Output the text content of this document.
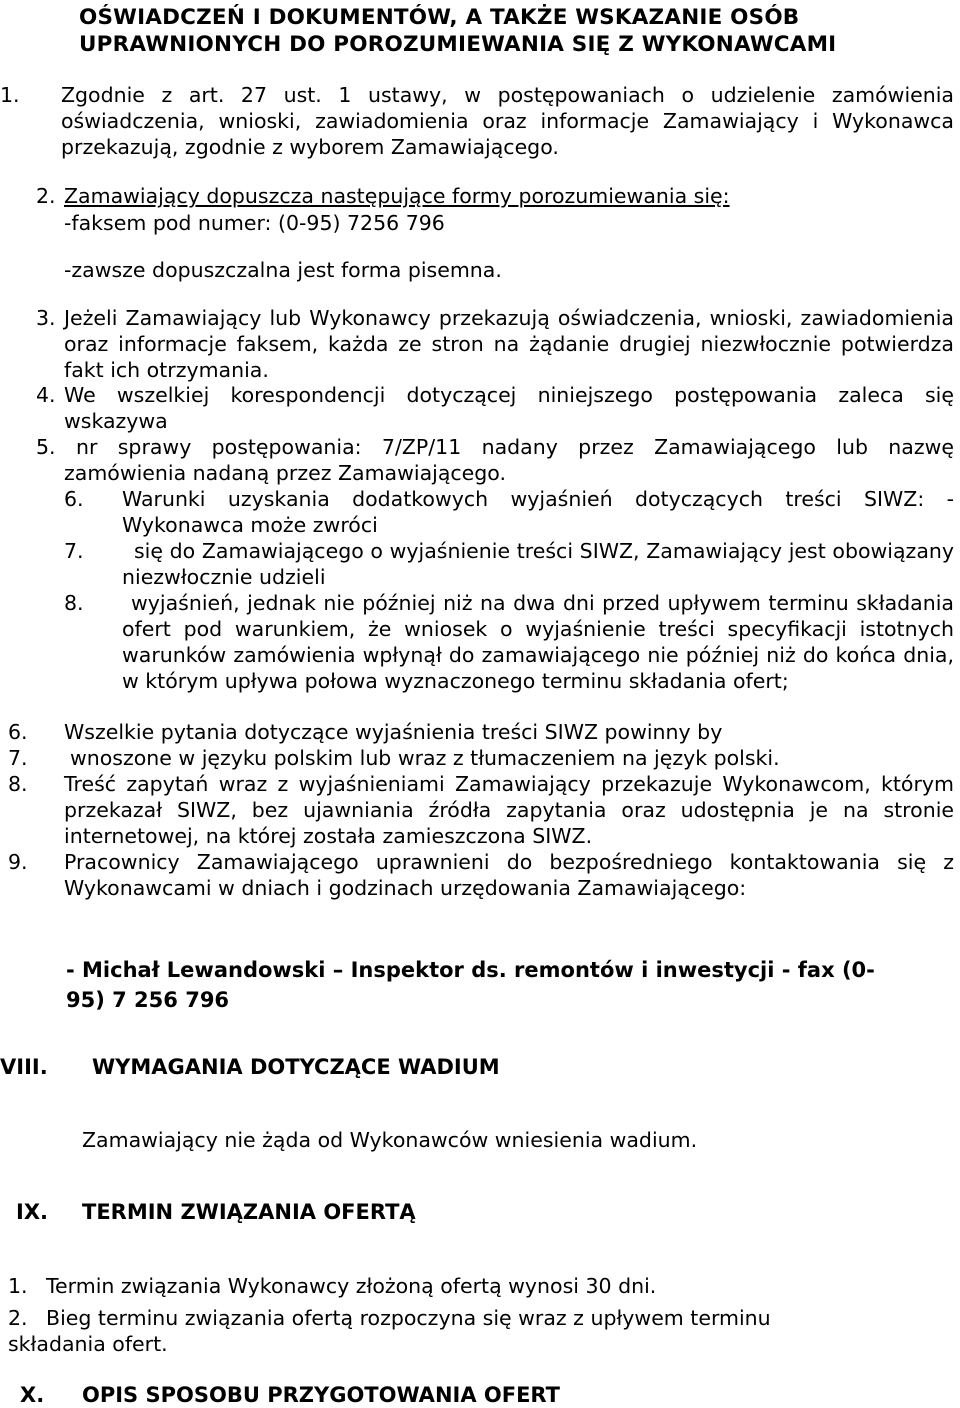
OŚWIADCZEŃ I DOKUMENTÓW, A TAKŻE WSKAZANIE OSÓB
UPRAWNIONYCH DO POROZUMIEWANIA SIĘ Z WYKONAWCAMI
1. Zgodnie z art. 27 ust. 1 ustawy, w postępowaniach o udzielenie zamówienia oświadczenia, wnioski, zawiadomienia oraz informacje Zamawiający i Wykonawca przekazują, zgodnie z wyborem Zamawiającego.
2. Zamawiający dopuszcza następujące formy porozumiewania się:
-faksem pod numer: (0-95) 7256 796
-zawsze dopuszczalna jest forma pisemna.
3. Jeżeli Zamawiający lub Wykonawcy przekazują oświadczenia, wnioski, zawiadomienia oraz informacje faksem, każda ze stron na żądanie drugiej niezwłocznie potwierdza fakt ich otrzymania.
4. We wszelkiej korespondencji dotyczącej niniejszego postępowania zaleca się wskazywa
5. nr sprawy postępowania: 7/ZP/11 nadany przez Zamawiającego lub nazwę zamówienia nadaną przez Zamawiającego.
6. Warunki uzyskania dodatkowych wyjaśnień dotyczących treści SIWZ: -Wykonawca może zwróci
7.	się do Zamawiającego o wyjaśnienie treści SIWZ, Zamawiający jest obowiązany niezwłocznie udzieli
8.	wyjaśnień, jednak nie później niż na dwa dni przed upływem terminu składania ofert pod warunkiem, że wniosek o wyjaśnienie treści specyfikacji istotnych warunków zamówienia wpłynął do zamawiającego nie później niż do końca dnia, w którym upływa połowa wyznaczonego terminu składania ofert;
6. Wszelkie pytania dotyczące wyjaśnienia treści SIWZ powinny by
7. wnoszone w języku polskim lub wraz z tłumaczeniem na język polski.
8. Treść zapytań wraz z wyjaśnieniami Zamawiający przekazuje Wykonawcom, którym przekazał SIWZ, bez ujawniania źródła zapytania oraz udostępnia je na stronie internetowej, na której została zamieszczona SIWZ.
9. Pracownicy Zamawiającego uprawnieni do bezpośredniego kontaktowania się z Wykonawcami w dniach i godzinach urzędowania Zamawiającego:
- Michał Lewandowski – Inspektor ds. remontów i inwestycji - fax (0-
95) 7 256 796
VIII. WYMAGANIA DOTYCZĄCE WADIUM
Zamawiający nie żąda od Wykonawców wniesienia wadium.
IX. TERMIN ZWIĄZANIA OFERTĄ
1. Termin związania Wykonawcy złożoną ofertą wynosi 30 dni.
2. Bieg terminu związania ofertą rozpoczyna się wraz z upływem terminu
składania ofert.
X. OPIS SPOSOBU PRZYGOTOWANIA OFERT
